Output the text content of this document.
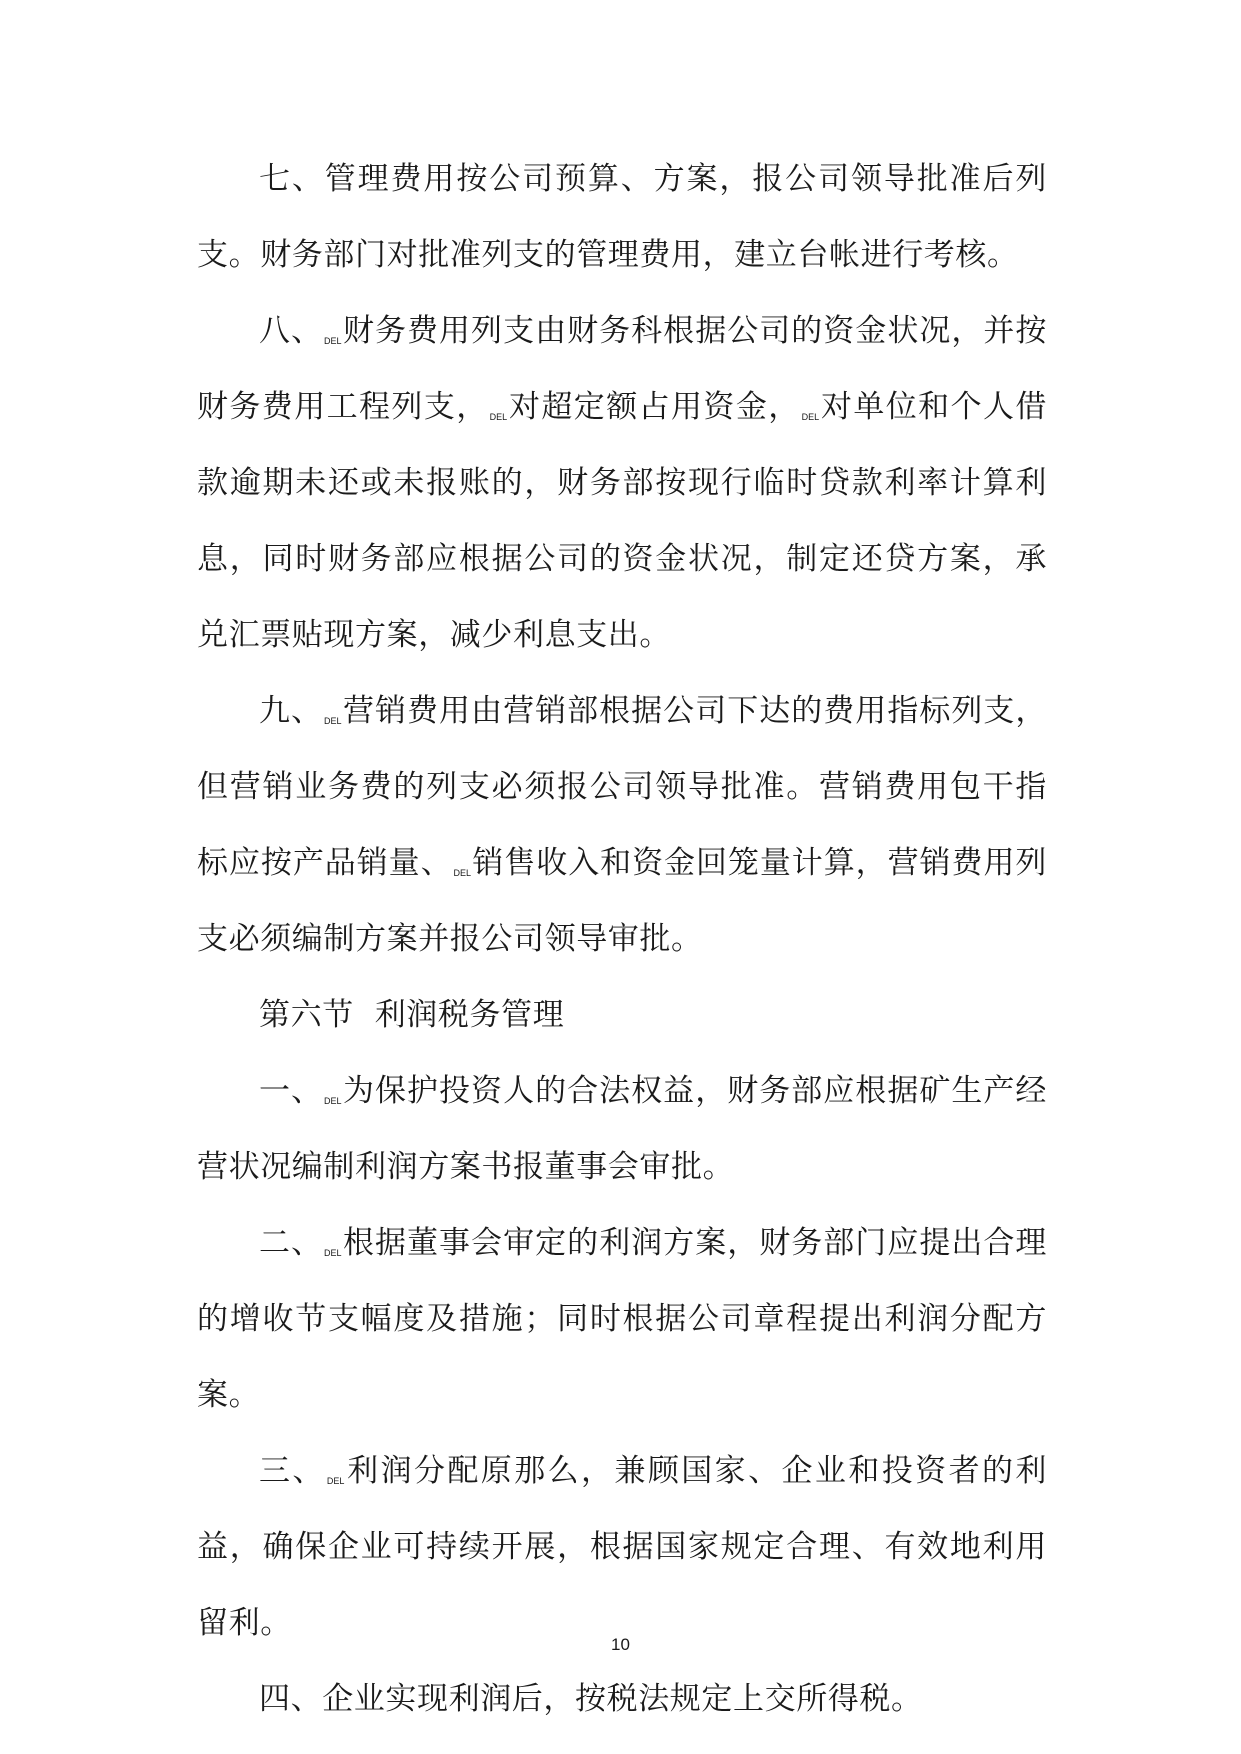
七、管理费用按公司预算、方案，报公司领导批准后列支。财务部门对批准列支的管理费用，建立台帐进行考核。

八、DEL财务费用列支由财务科根据公司的资金状况，并按财务费用工程列支，DEL对超定额占用资金，DEL对单位和个人借款逾期未还或未报账的，财务部按现行临时贷款利率计算利息，同时财务部应根据公司的资金状况，制定还贷方案，承兑汇票贴现方案，减少利息支出。

九、DEL营销费用由营销部根据公司下达的费用指标列支，但营销业务费的列支必须报公司领导批准。营销费用包干指标应按产品销量、DEL销售收入和资金回笼量计算，营销费用列支必须编制方案并报公司领导审批。

第六节  利润税务管理

一、DEL为保护投资人的合法权益，财务部应根据矿生产经营状况编制利润方案书报董事会审批。

二、DEL根据董事会审定的利润方案，财务部门应提出合理的增收节支幅度及措施；同时根据公司章程提出利润分配方案。

三、DEL利润分配原那么，兼顾国家、企业和投资者的利益，确保企业可持续开展，根据国家规定合理、有效地利用留利。

四、企业实现利润后，按税法规定上交所得税。

10
